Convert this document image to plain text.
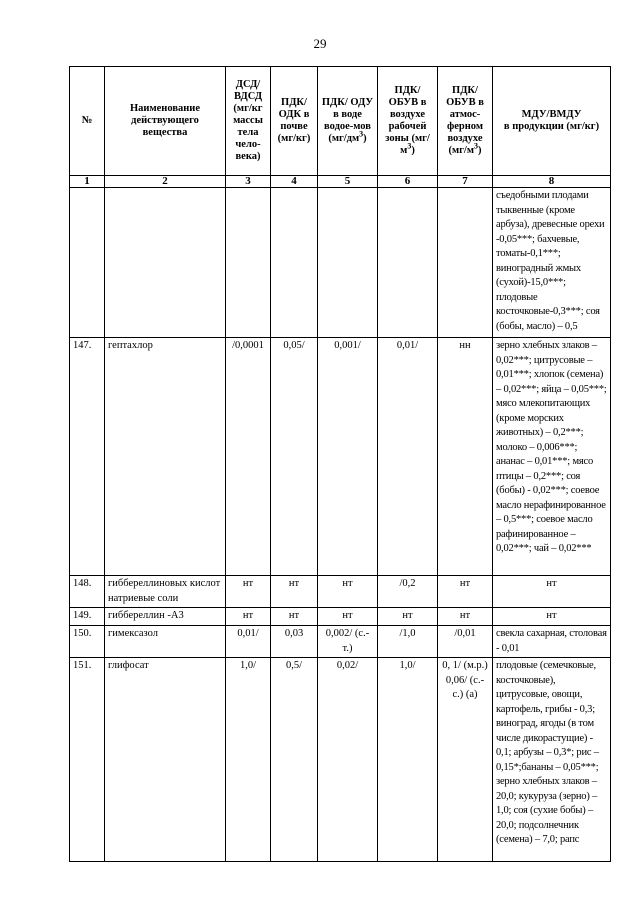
29
№	Наименование действующего вещества	ДСД/ ВДСД (мг/кг массы тела чело-века)	ПДК/ ОДК в почве (мг/кг)	ПДК/ ОДУ в воде водое-мов $(мг/дм^3)$	ПДК/ ОБУВ в воздухе рабочей зоны $(мг/м^3)$	ПДК/ ОБУВ в атмос-ферном воздухе $(мг/м^3)$	МДУ/ВМДУ
в продукции (мг/кг)
1	2	3	4	5	6	7	8
							съедобными плодами тыквенные (кроме арбуза), древесные орехи -0,05***; бахчевые, томаты-0,1***; виноградный жмых (сухой)-15,0***; плодовые косточковые-0,3***; соя (бобы, масло) – 0,5
147.	гептахлор	/0,0001	0,05/	0,001/	0,01/	нн	зерно хлебных злаков – 0,02***; цитрусовые – 0,01***; хлопок (семена) – 0,02***; яйца – 0,05***; мясо млекопитающих (кроме морских животных) – 0,2***; молоко – 0,006***; ананас – 0,01***; мясо птицы – 0,2***; соя (бобы) - 0,02***; соевое масло нерафинированное – 0,5***; соевое масло рафинированное – 0,02***; чай – 0,02***
148.	гиббереллиновых кислот натриевые соли	нт	нт	нт	/0,2	нт	нт
149.	гиббереллин -А3	нт	нт	нт	нт	нт	нт
150.	гимексазол	0,01/	0,03	0,002/ (с.-т.)	/1,0	/0,01	свекла сахарная, столовая - 0,01
151.	глифосат	1,0/	0,5/	0,02/	1,0/	0, 1/ (м.р.) 0,06/ (с.-с.) (а)	плодовые (семечковые, косточковые), цитрусовые, овощи, картофель, грибы - 0,3; виноград, ягоды (в том числе дикорастущие) - 0,1; арбузы – 0,3*; рис – 0,15*;бананы – 0,05***; зерно хлебных злаков – 20,0; кукуруза (зерно) – 1,0; соя (сухие бобы) – 20,0; подсолнечник (семена) – 7,0; рапс
